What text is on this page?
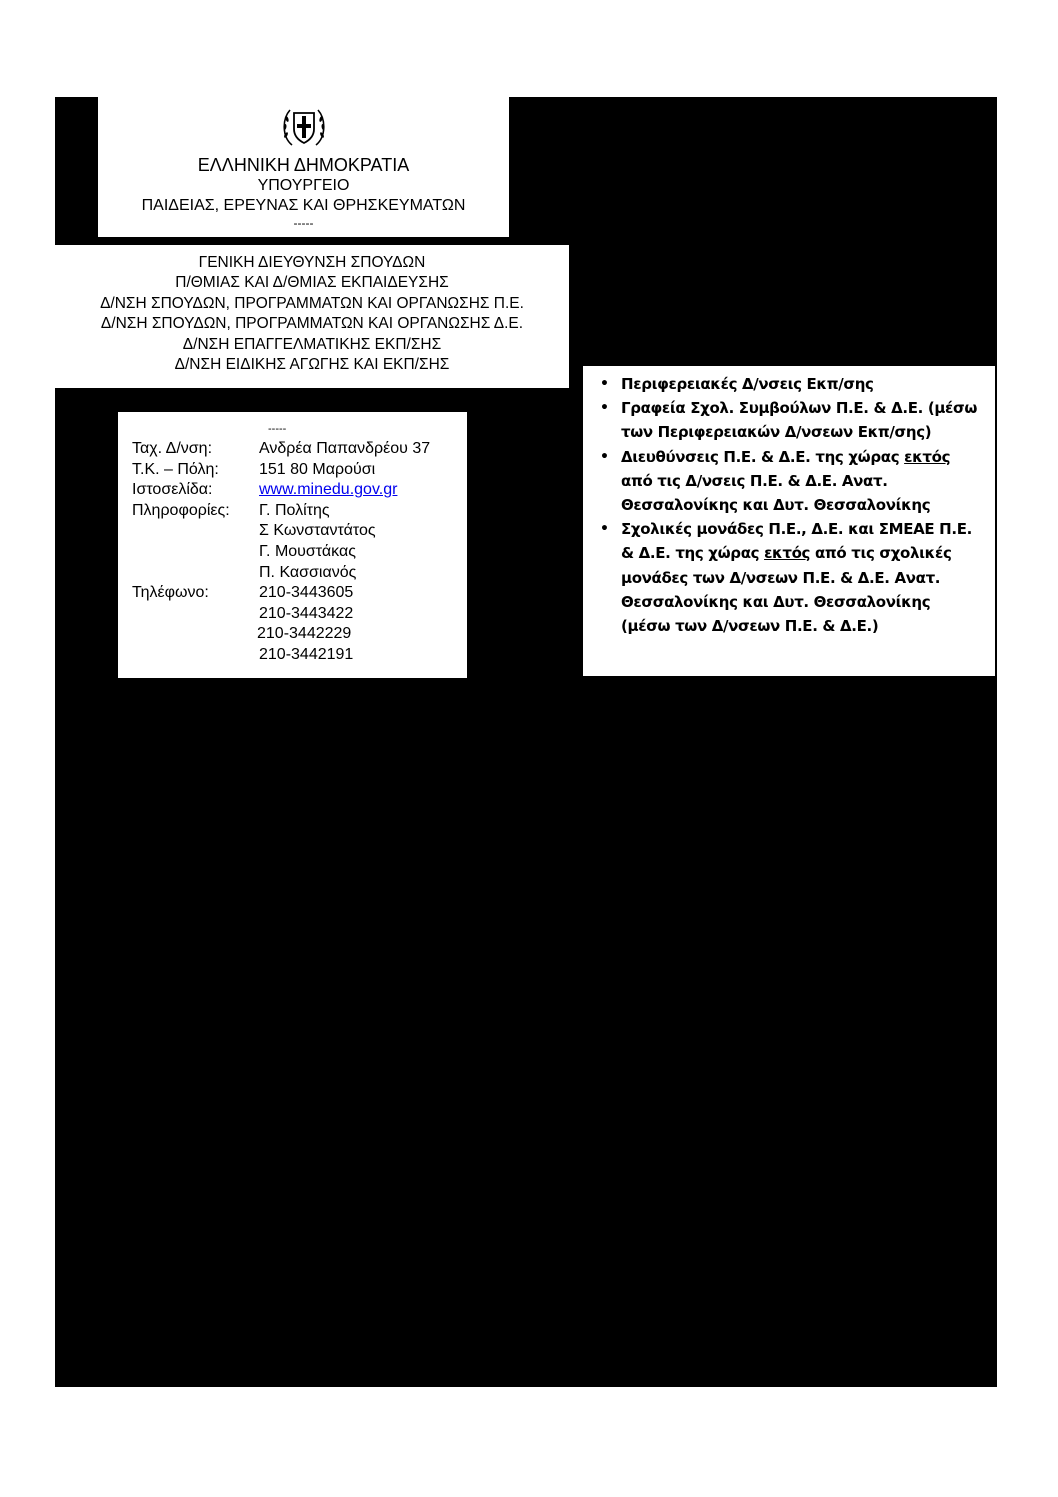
ΕΛΛΗΝΙΚΗ ΔΗΜΟΚΡΑΤΙΑ
ΥΠΟΥΡΓΕΙΟ
ΠΑΙΔΕΙΑΣ, ΕΡΕΥΝΑΣ ΚΑΙ ΘΡΗΣΚΕΥΜΑΤΩΝ
-----
ΓΕΝΙΚΗ ΔΙΕΥΘΥΝΣΗ ΣΠΟΥΔΩΝ
Π/ΘΜΙΑΣ ΚΑΙ Δ/ΘΜΙΑΣ ΕΚΠΑΙΔΕΥΣΗΣ
Δ/ΝΣΗ ΣΠΟΥΔΩΝ, ΠΡΟΓΡΑΜΜΑΤΩΝ ΚΑΙ ΟΡΓΑΝΩΣΗΣ Π.Ε.
Δ/ΝΣΗ ΣΠΟΥΔΩΝ, ΠΡΟΓΡΑΜΜΑΤΩΝ ΚΑΙ ΟΡΓΑΝΩΣΗΣ Δ.Ε.
Δ/ΝΣΗ ΕΠΑΓΓΕΛΜΑΤΙΚΗΣ ΕΚΠ/ΣΗΣ
Δ/ΝΣΗ ΕΙΔΙΚΗΣ ΑΓΩΓΗΣ ΚΑΙ ΕΚΠ/ΣΗΣ
-----
Ταχ. Δ/νση:	Ανδρέα Παπανδρέου 37
Τ.Κ. – Πόλη:	151 80 Μαρούσι
Ιστοσελίδα:	www.minedu.gov.gr
Πληροφορίες:	Γ. Πολίτης
Σ Κωνσταντάτος
Γ. Μουστάκας
Π. Κασσιανός
Τηλέφωνο:	210-3443605
210-3443422
210-3442229
210-3442191
• Περιφερειακές Δ/νσεις Εκπ/σης
• Γραφεία Σχολ. Συμβούλων Π.Ε. & Δ.Ε. (μέσω των Περιφερειακών Δ/νσεων Εκπ/σης)
• Διευθύνσεις Π.Ε. & Δ.Ε. της χώρας εκτός από τις Δ/νσεις Π.Ε. & Δ.Ε. Ανατ. Θεσσαλονίκης και Δυτ. Θεσσαλονίκης
• Σχολικές μονάδες Π.Ε., Δ.Ε. και ΣΜΕΑΕ Π.Ε. & Δ.Ε. της χώρας εκτός από τις σχολικές μονάδες των Δ/νσεων Π.Ε. & Δ.Ε. Ανατ. Θεσσαλονίκης και Δυτ. Θεσσαλονίκης (μέσω των Δ/νσεων Π.Ε. & Δ.Ε.)
